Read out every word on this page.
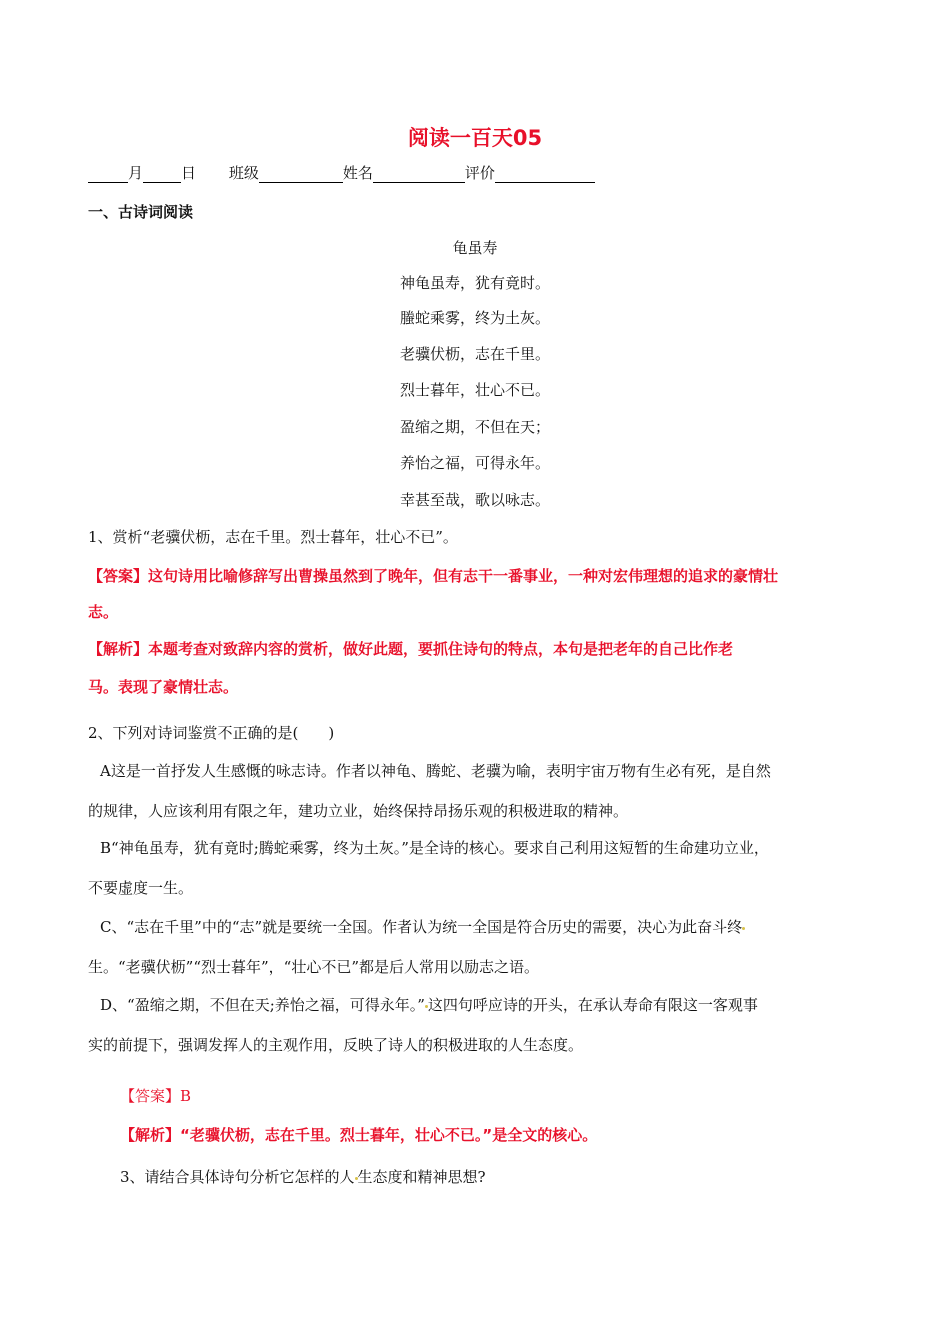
阅读一百天05
月	日 班级	姓名	评价
一、古诗词阅读
龟虽寿
神龟虽寿，犹有竟时。
螣蛇乘雾，终为土灰。
老骥伏枥，志在千里。
烈士暮年，壮心不已。
盈缩之期，不但在天；
养怡之福，可得永年。
幸甚至哉，歌以咏志。
1、赏析“老骥伏枥，志在千里。烈士暮年，壮心不已”。
【答案】这句诗用比喻修辞写出曹操虽然到了晚年，但有志干一番事业，一种对宏伟理想的追求的豪情壮
志。
【解析】本题考查对致辞内容的赏析，做好此题，要抓住诗句的特点，本句是把老年的自己比作老
马。表现了豪情壮志。
2、下列对诗词鉴赏不正确的是(　　)
A这是一首抒发人生感慨的咏志诗。作者以神龟、腾蛇、老骥为喻，表明宇宙万物有生必有死，是自然
的规律，人应该利用有限之年，建功立业，始终保持昂扬乐观的积极进取的精神。
B“神龟虽寿，犹有竟时;腾蛇乘雾，终为土灰。”是全诗的核心。要求自己利用这短暂的生命建功立业，
不要虚度一生。
C、“志在千里”中的“志”就是要统一全国。作者认为统一全国是符合历史的需要，决心为此奋斗终
生。“老骥伏枥”“烈士暮年”，“壮心不已”都是后人常用以励志之语。
D、“盈缩之期，不但在天;养怡之福，可得永年。” 这四句呼应诗的开头，在承认寿命有限这一客观事
实的前提下，强调发挥人的主观作用，反映了诗人的积极进取的人生态度。
【答案】B
【解析】“老骥伏枥，志在千里。烈士暮年，壮心不已。”是全文的核心。
3、请结合具体诗句分析它怎样的人 生态度和精神思想?
